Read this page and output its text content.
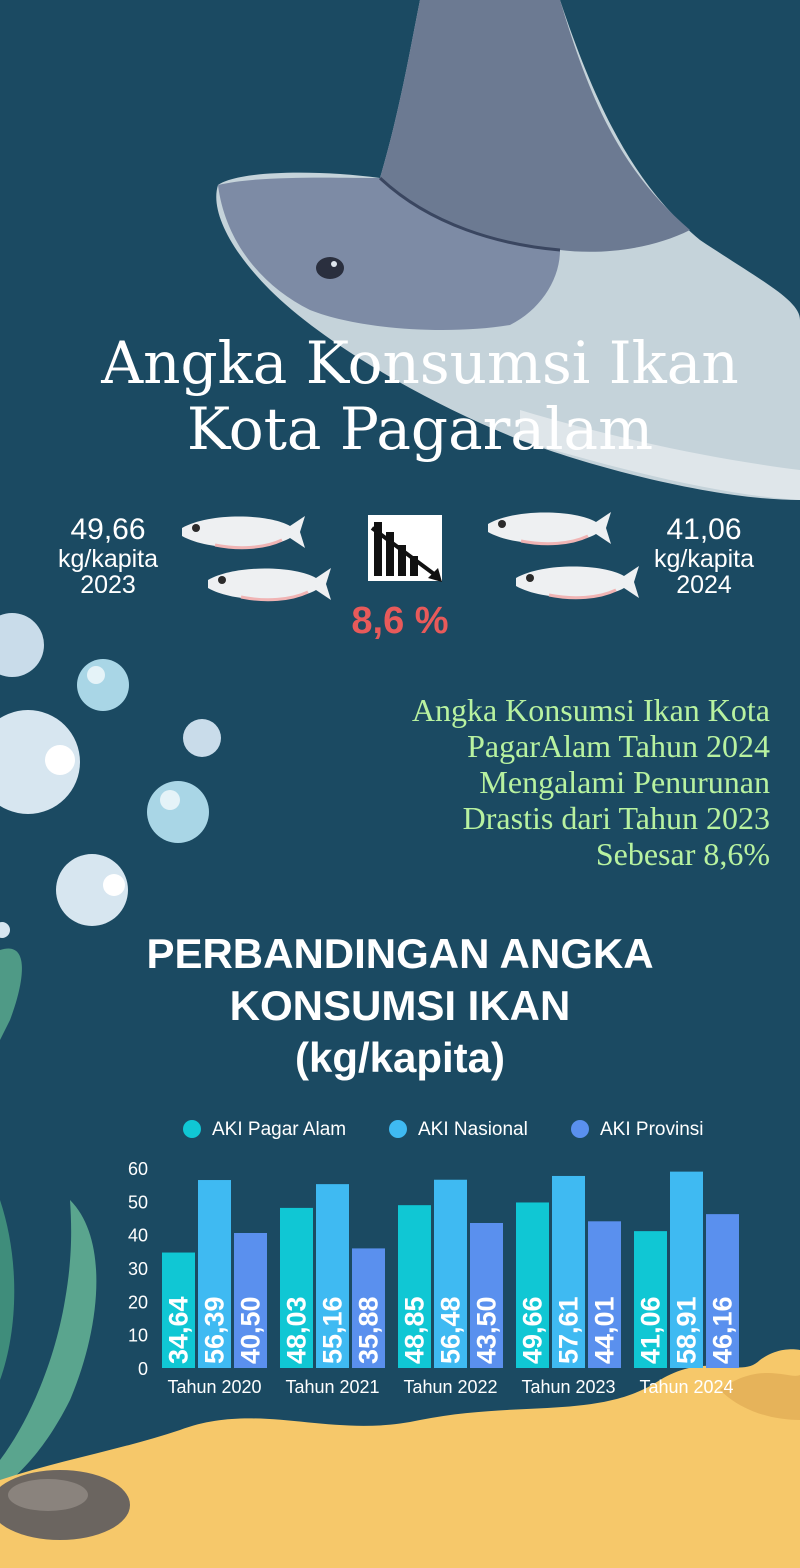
Angka Konsumsi Ikan
Kota Pagaralam
49,66
kg/kapita
2023
41,06
kg/kapita
2024
8,6 %
Angka Konsumsi Ikan Kota
PagarAlam Tahun 2024
Mengalami Penurunan
Drastis dari Tahun 2023
Sebesar 8,6%
PERBANDINGAN ANGKA
KONSUMSI IKAN
(kg/kapita)
AKI Pagar Alam	AKI Nasional	AKI Provinsi
0
10
20
30
40
50
60
34,64 56,39 40,50
Tahun 2020
48,03 55,16 35,88
Tahun 2021
48,85 56,48 43,50
Tahun 2022
49,66 57,61 44,01
Tahun 2023
41,06 58,91 46,16
Tahun 2024
